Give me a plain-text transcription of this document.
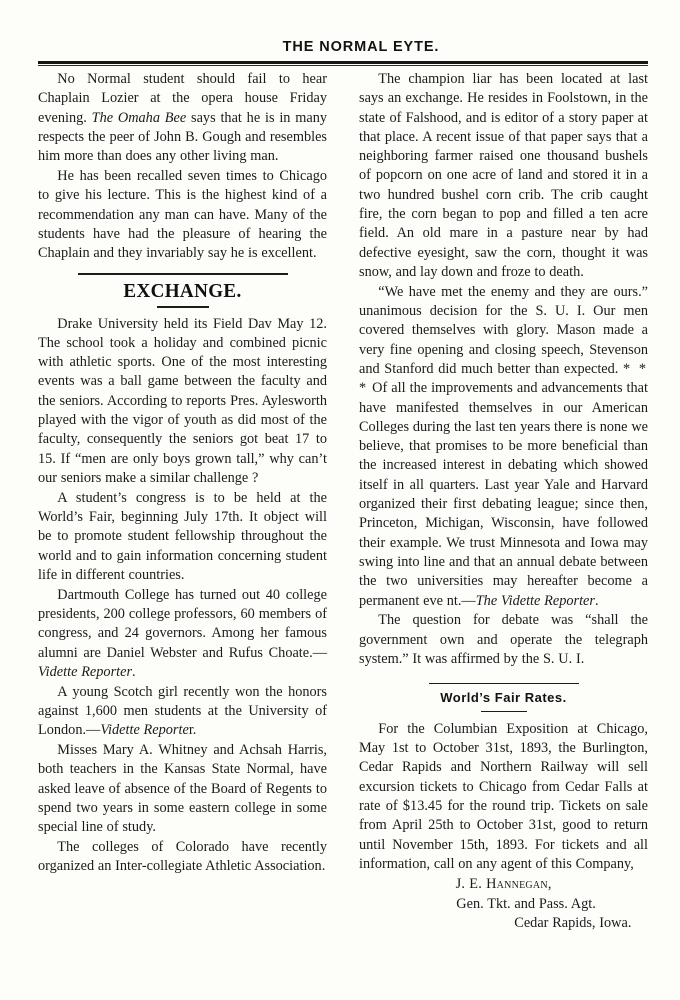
THE NORMAL EYTE.

No Normal student should fail to hear Chaplain Lozier at the opera house Friday evening. The Omaha Bee says that he is in many respects the peer of John B. Gough and resembles him more than does any other living man.

He has been recalled seven times to Chicago to give his lecture. This is the highest kind of a recommendation any man can have. Many of the students have had the pleasure of hearing the Chaplain and they invariably say he is excellent.

EXCHANGE.

Drake University held its Field Dav May 12. The school took a holiday and combined picnic with athletic sports. One of the most interesting events was a ball game between the faculty and the seniors. According to reports Pres. Aylesworth played with the vigor of youth as did most of the faculty, consequently the seniors got beat 17 to 15. If “men are only boys grown tall,” why can’t our seniors make a similar challenge ?

A student’s congress is to be held at the World’s Fair, beginning July 17th. It object will be to promote student fellowship throughout the world and to gain information concerning student life in different countries.

Dartmouth College has turned out 40 college presidents, 200 college professors, 60 members of congress, and 24 governors. Among her famous alumni are Daniel Webster and Rufus Choate.—Vidette Reporter.

A young Scotch girl recently won the honors against 1,600 men students at the University of London.—Vidette Reporter.

Misses Mary A. Whitney and Achsah Harris, both teachers in the Kansas State Normal, have asked leave of absence of the Board of Regents to spend two years in some eastern college in some special line of study.

The colleges of Colorado have recently organized an Inter-collegiate Athletic Association.

The champion liar has been located at last says an exchange. He resides in Foolstown, in the state of Falshood, and is editor of a story paper at that place. A recent issue of that paper says that a neighboring farmer raised one thousand bushels of popcorn on one acre of land and stored it in a two hundred bushel corn crib. The crib caught fire, the corn began to pop and filled a ten acre field. An old mare in a pasture near by had defective eyesight, saw the corn, thought it was snow, and lay down and froze to death.

“We have met the enemy and they are ours.” unanimous decision for the S. U. I. Our men covered themselves with glory. Mason made a very fine opening and closing speech, Stevenson and Stanford did much better than expected. * * * Of all the improvements and advancements that have manifested themselves in our American Colleges during the last ten years there is none we believe, that promises to be more beneficial than the increased interest in debating which showed itself in all quarters. Last year Yale and Harvard organized their first debating league; since then, Princeton, Michigan, Wisconsin, have followed their example. We trust Minnesota and Iowa may swing into line and that an annual debate between the two universities may hereafter become a permanent eve nt.—The Vidette Reporter.

The question for debate was “shall the government own and operate the telegraph system.” It was affirmed by the S. U. I.

World’s Fair Rates.

For the Columbian Exposition at Chicago, May 1st to October 31st, 1893, the Burlington, Cedar Rapids and Northern Railway will sell excursion tickets to Chicago from Cedar Falls at rate of $13.45 for the round trip. Tickets on sale from April 25th to October 31st, good to return until November 15th, 1893. For tickets and all information, call on any agent of this Company,

J. E. Hannegan,

Gen. Tkt. and Pass. Agt.

Cedar Rapids, Iowa.
